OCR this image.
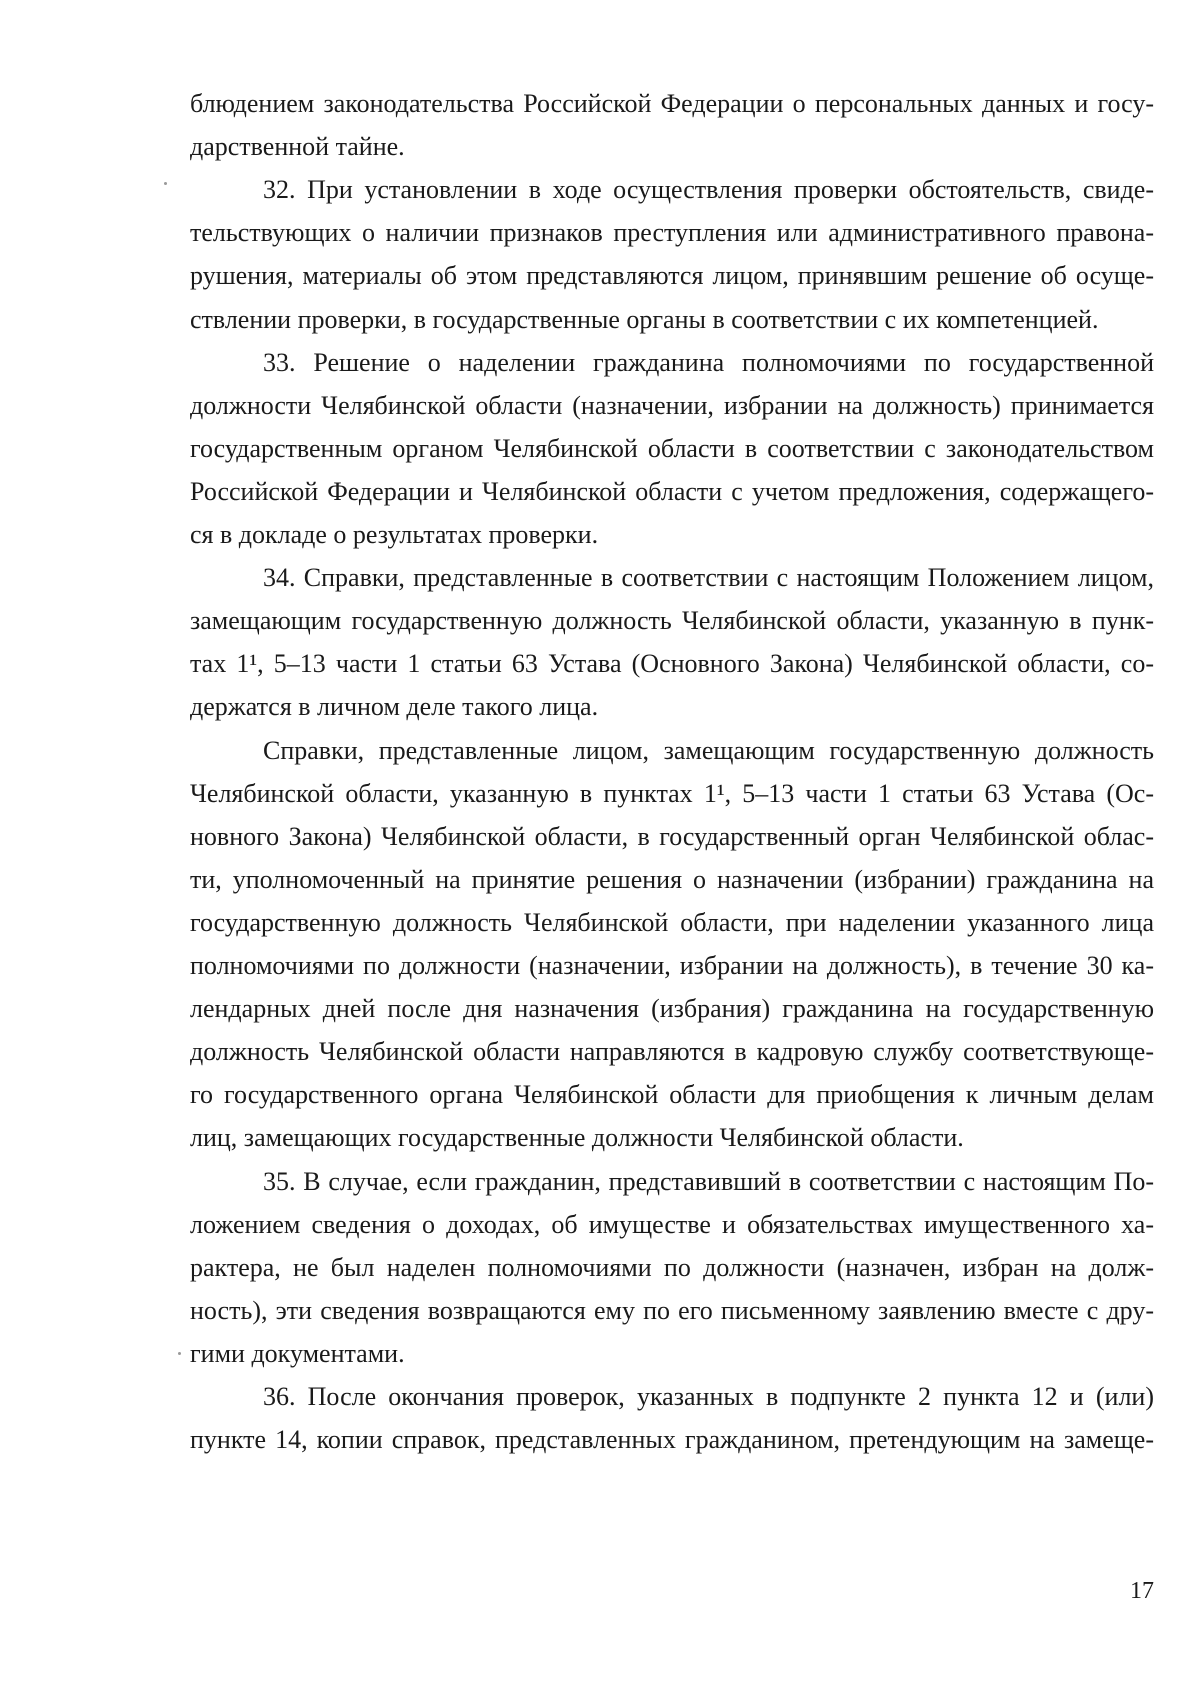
блюдением законодательства Российской Федерации о персональных данных и госу-
дарственной тайне.
32. При установлении в ходе осуществления проверки обстоятельств, свиде-
тельствующих о наличии признаков преступления или административного правона-
рушения, материалы об этом представляются лицом, принявшим решение об осуще-
ствлении проверки, в государственные органы в соответствии с их компетенцией.
33. Решение о наделении гражданина полномочиями по государственной
должности Челябинской области (назначении, избрании на должность) принимается
государственным органом Челябинской области в соответствии с законодательством
Российской Федерации и Челябинской области с учетом предложения, содержащего-
ся в докладе о результатах проверки.
34. Справки, представленные в соответствии с настоящим Положением лицом,
замещающим государственную должность Челябинской области, указанную в пунк-
тах 1¹, 5–13 части 1 статьи 63 Устава (Основного Закона) Челябинской области, со-
держатся в личном деле такого лица.
Справки, представленные лицом, замещающим государственную должность
Челябинской области, указанную в пунктах 1¹, 5–13 части 1 статьи 63 Устава (Ос-
новного Закона) Челябинской области, в государственный орган Челябинской облас-
ти, уполномоченный на принятие решения о назначении (избрании) гражданина на
государственную должность Челябинской области, при наделении указанного лица
полномочиями по должности (назначении, избрании на должность), в течение 30 ка-
лендарных дней после дня назначения (избрания) гражданина на государственную
должность Челябинской области направляются в кадровую службу соответствующе-
го государственного органа Челябинской области для приобщения к личным делам
лиц, замещающих государственные должности Челябинской области.
35. В случае, если гражданин, представивший в соответствии с настоящим По-
ложением сведения о доходах, об имуществе и обязательствах имущественного ха-
рактера, не был наделен полномочиями по должности (назначен, избран на долж-
ность), эти сведения возвращаются ему по его письменному заявлению вместе с дру-
гими документами.
36. После окончания проверок, указанных в подпункте 2 пункта 12 и (или)
пункте 14, копии справок, представленных гражданином, претендующим на замеще-
17
